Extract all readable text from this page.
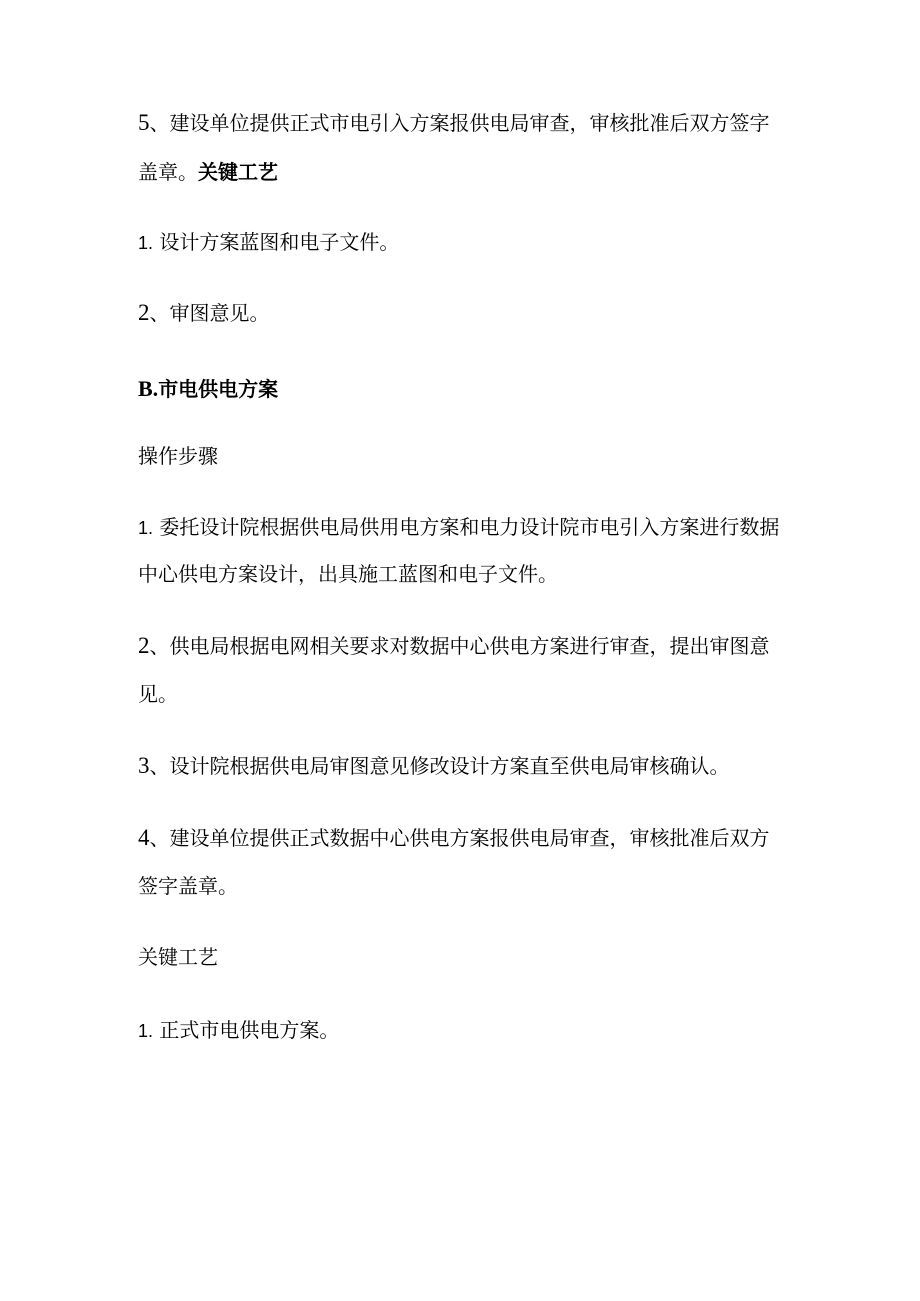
5、建设单位提供正式市电引入方案报供电局审查，审核批准后双方签字

盖章。关键工艺

1. 设计方案蓝图和电子文件。

2、审图意见。

B.市电供电方案

操作步骤

1. 委托设计院根据供电局供用电方案和电力设计院市电引入方案进行数据

中心供电方案设计，出具施工蓝图和电子文件。

2、供电局根据电网相关要求对数据中心供电方案进行审查，提出审图意

见。

3、设计院根据供电局审图意见修改设计方案直至供电局审核确认。

4、建设单位提供正式数据中心供电方案报供电局审查，审核批准后双方

签字盖章。

关键工艺

1. 正式市电供电方案。
